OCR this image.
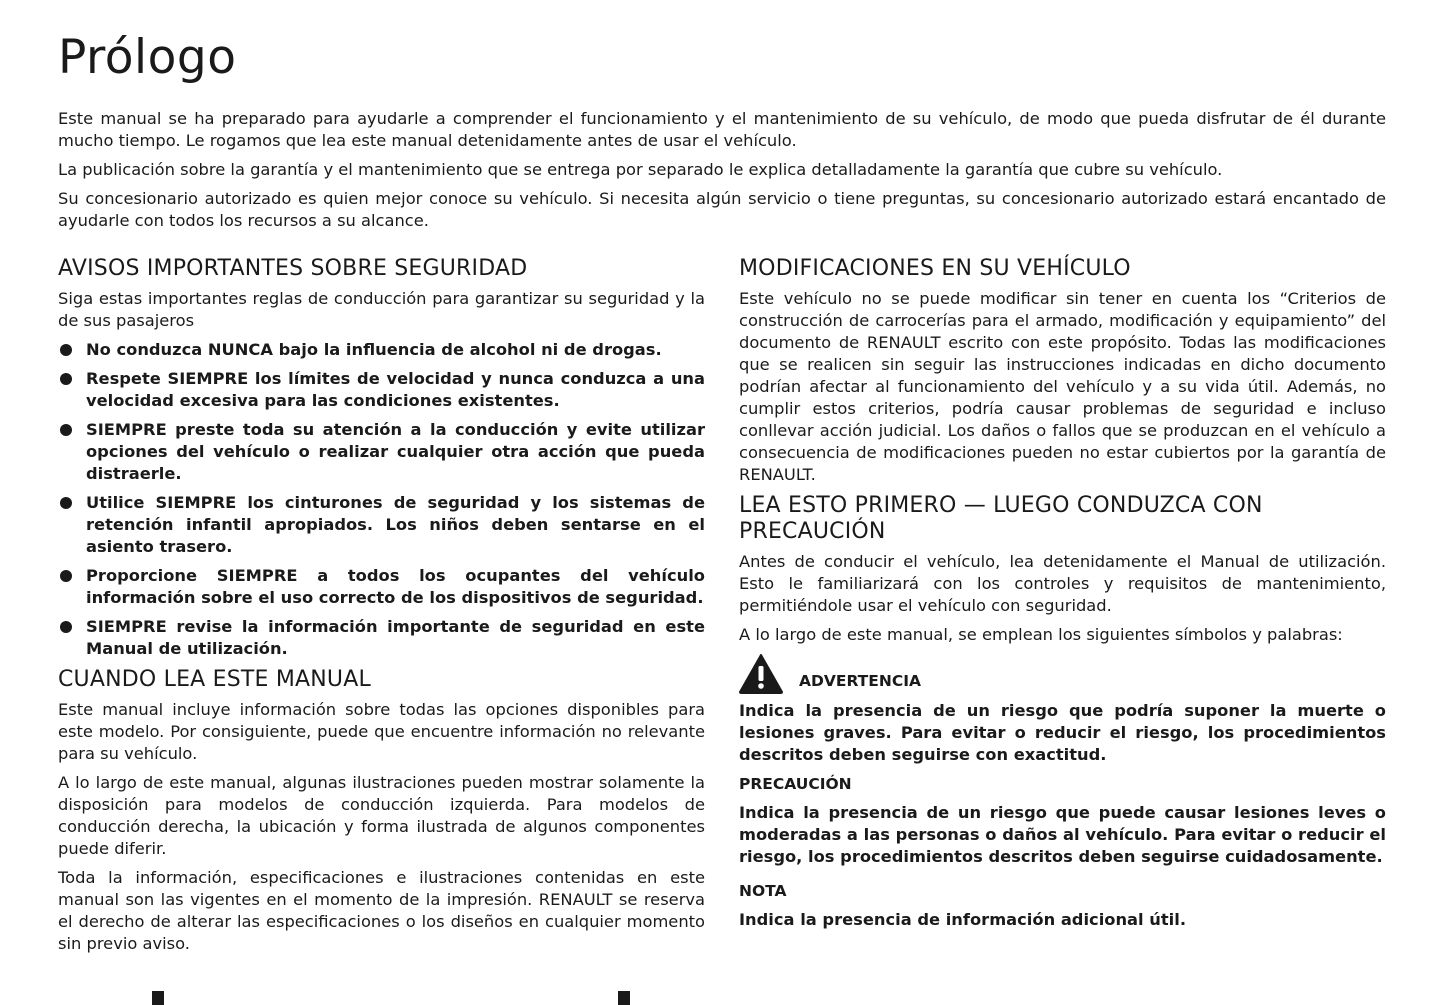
Prólogo

Este manual se ha preparado para ayudarle a comprender el funcionamiento y el mantenimiento de su vehículo, de modo que pueda disfrutar de él durante mucho tiempo. Le rogamos que lea este manual detenidamente antes de usar el vehículo.

La publicación sobre la garantía y el mantenimiento que se entrega por separado le explica detalladamente la garantía que cubre su vehículo.

Su concesionario autorizado es quien mejor conoce su vehículo. Si necesita algún servicio o tiene preguntas, su concesionario autorizado estará encantado de ayudarle con todos los recursos a su alcance.

AVISOS IMPORTANTES SOBRE SEGURIDAD

Siga estas importantes reglas de conducción para garantizar su seguridad y la de sus pasajeros

No conduzca NUNCA bajo la influencia de alcohol ni de drogas.
Respete SIEMPRE los límites de velocidad y nunca conduzca a una velocidad excesiva para las condiciones existentes.
SIEMPRE preste toda su atención a la conducción y evite utilizar opciones del vehículo o realizar cualquier otra acción que pueda distraerle.
Utilice SIEMPRE los cinturones de seguridad y los sistemas de retención infantil apropiados. Los niños deben sentarse en el asiento trasero.
Proporcione SIEMPRE a todos los ocupantes del vehículo información sobre el uso correcto de los dispositivos de seguridad.
SIEMPRE revise la información importante de seguridad en este Manual de utilización.
CUANDO LEA ESTE MANUAL

Este manual incluye información sobre todas las opciones disponibles para este modelo. Por consiguiente, puede que encuentre información no relevante para su vehículo.

A lo largo de este manual, algunas ilustraciones pueden mostrar solamente la disposición para modelos de conducción izquierda. Para modelos de conducción derecha, la ubicación y forma ilustrada de algunos componentes puede diferir.

Toda la información, especificaciones e ilustraciones contenidas en este manual son las vigentes en el momento de la impresión. RENAULT se reserva el derecho de alterar las especificaciones o los diseños en cualquier momento sin previo aviso.

MODIFICACIONES EN SU VEHÍCULO

Este vehículo no se puede modificar sin tener en cuenta los “Criterios de construcción de carrocerías para el armado, modificación y equipamiento” del documento de RENAULT escrito con este propósito. Todas las modificaciones que se realicen sin seguir las instrucciones indicadas en dicho documento podrían afectar al funcionamiento del vehículo y a su vida útil. Además, no cumplir estos criterios, podría causar problemas de seguridad e incluso conllevar acción judicial. Los daños o fallos que se produzcan en el vehículo a consecuencia de modificaciones pueden no estar cubiertos por la garantía de RENAULT.

LEA ESTO PRIMERO — LUEGO CONDUZCA CON PRECAUCIÓN

Antes de conducir el vehículo, lea detenidamente el Manual de utilización. Esto le familiarizará con los controles y requisitos de mantenimiento, permitiéndole usar el vehículo con seguridad.

A lo largo de este manual, se emplean los siguientes símbolos y palabras:

ADVERTENCIA

Indica la presencia de un riesgo que podría suponer la muerte o lesiones graves. Para evitar o reducir el riesgo, los procedimientos descritos deben seguirse con exactitud.

PRECAUCIÓN

Indica la presencia de un riesgo que puede causar lesiones leves o moderadas a las personas o daños al vehículo. Para evitar o reducir el riesgo, los procedimientos descritos deben seguirse cuidadosamente.

NOTA

Indica la presencia de información adicional útil.
